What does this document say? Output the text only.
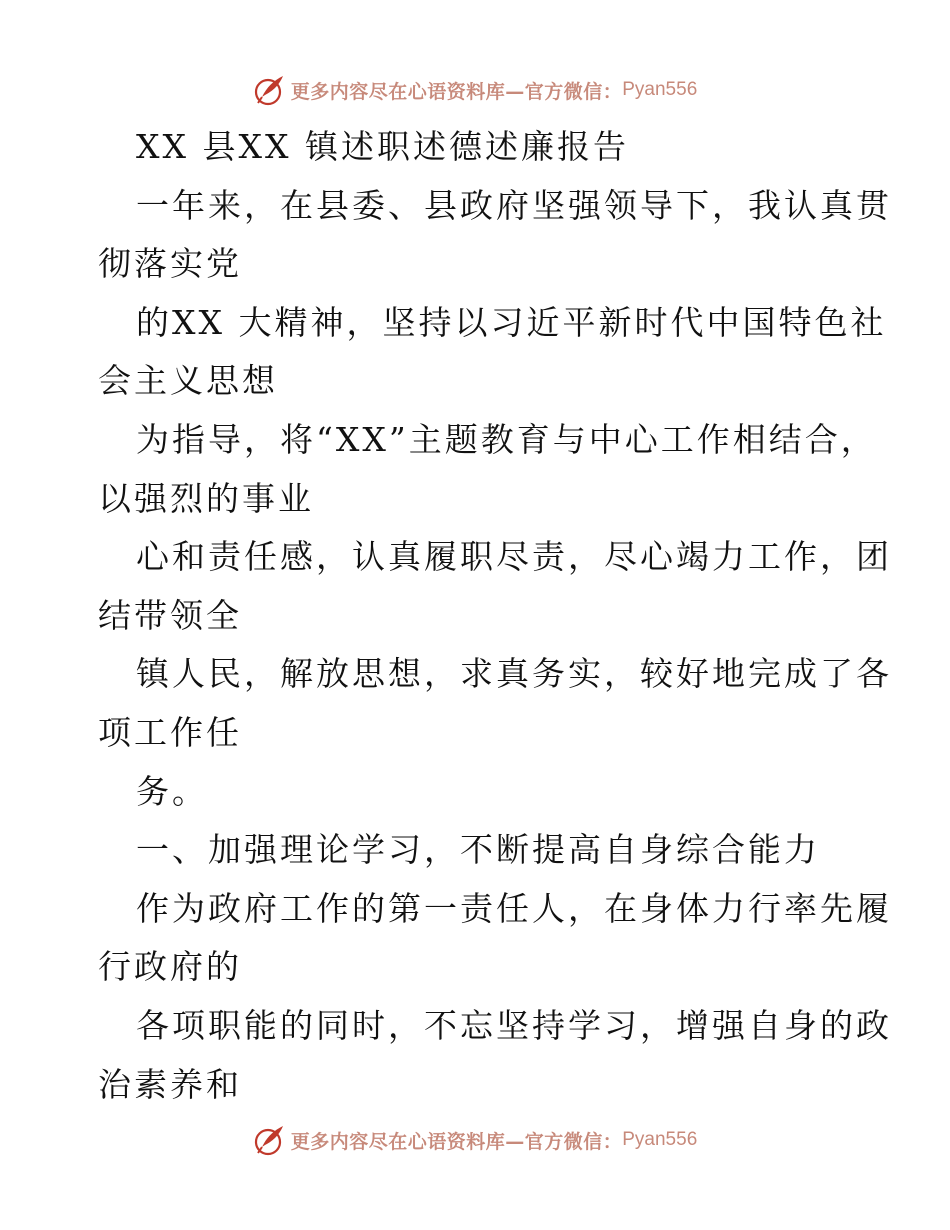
更多内容尽在心语资料库—官方微信： Pyan556
XX 县XX 镇述职述德述廉报告
一年来，在县委、县政府坚强领导下，我认真贯
彻落实党
的XX 大精神，坚持以习近平新时代中国特色社
会主义思想
为指导，将“XX”主题教育与中心工作相结合，
以强烈的事业
心和责任感，认真履职尽责，尽心竭力工作，团
结带领全
镇人民，解放思想，求真务实，较好地完成了各
项工作任
务。
一、加强理论学习，不断提高自身综合能力
作为政府工作的第一责任人，在身体力行率先履
行政府的
各项职能的同时，不忘坚持学习，增强自身的政
治素养和
更多内容尽在心语资料库—官方微信： Pyan556
